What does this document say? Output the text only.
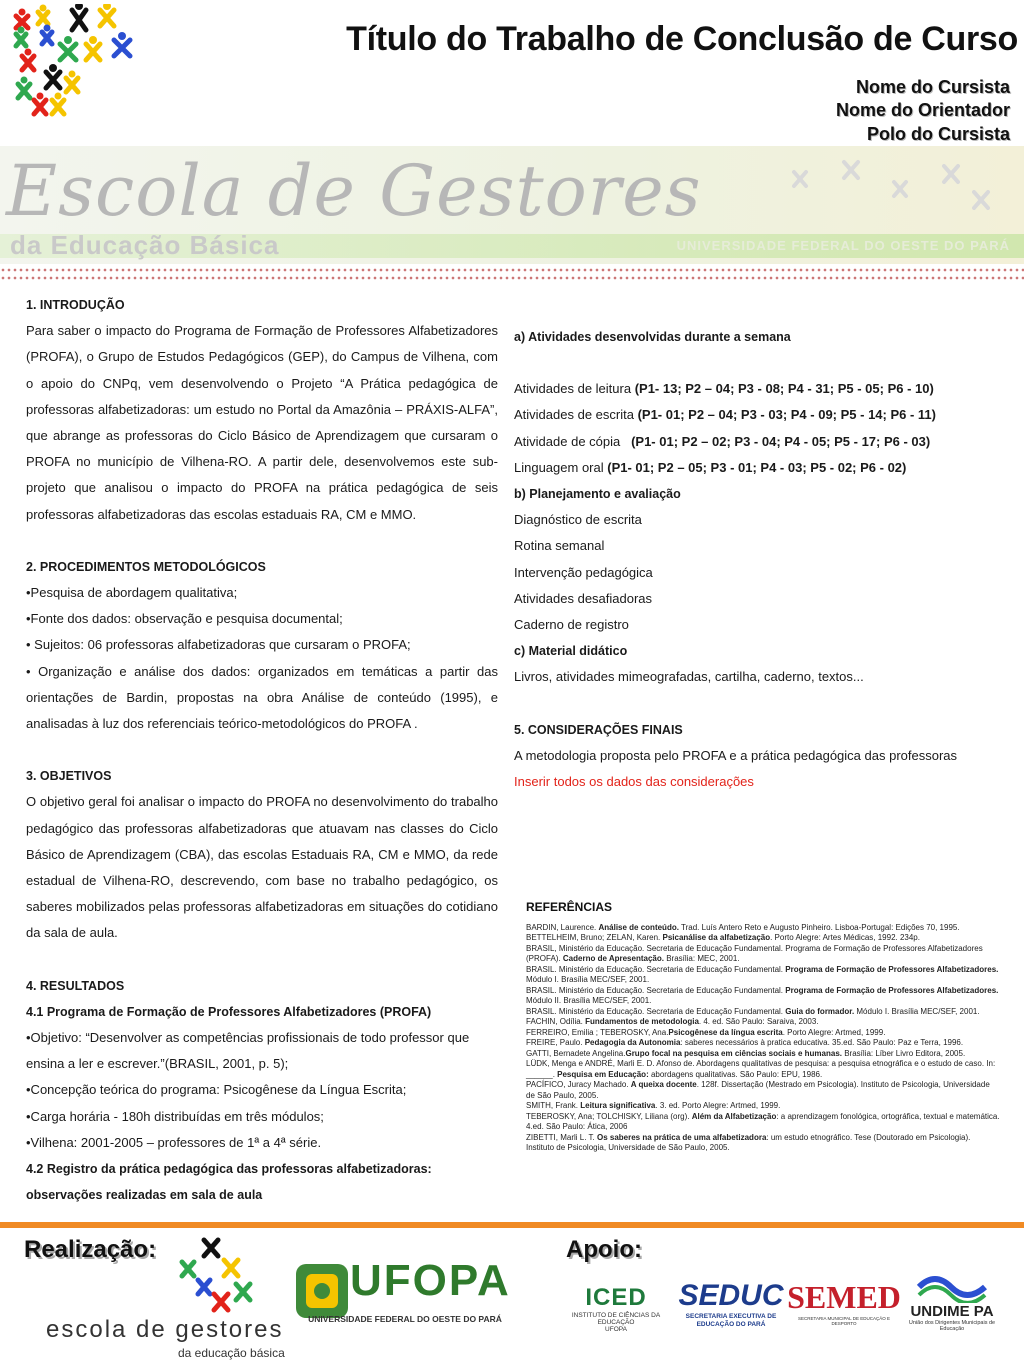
Título do Trabalho de Conclusão de Curso
Nome do Cursista
Nome do Orientador
Polo do Cursista
Escola de Gestores
da Educação Básica	UNIVERSIDADE FEDERAL DO OESTE DO PARÁ
1. INTRODUÇÃO
Para saber o impacto do Programa de Formação de Professores Alfabetizadores (PROFA), o Grupo de Estudos Pedagógicos (GEP), do Campus de Vilhena, com o apoio do CNPq, vem desenvolvendo o Projeto “A Prática pedagógica de professoras alfabetizadoras: um estudo no Portal da Amazônia – PRÁXIS-ALFA”, que abrange as professoras do Ciclo Básico de Aprendizagem que cursaram o PROFA no município de Vilhena-RO. A partir dele, desenvolvemos este sub-projeto que analisou o impacto do PROFA na prática pedagógica de seis professoras alfabetizadoras das escolas estaduais RA, CM e MMO.
2. PROCEDIMENTOS METODOLÓGICOS
•Pesquisa de abordagem qualitativa;
•Fonte dos dados: observação e pesquisa documental;
• Sujeitos: 06 professoras alfabetizadoras que cursaram o PROFA;
• Organização e análise dos dados: organizados em temáticas a partir das orientações de Bardin, propostas na obra Análise de conteúdo (1995), e analisadas à luz dos referenciais teórico-metodológicos do PROFA .
3. OBJETIVOS
O objetivo geral foi analisar o impacto do PROFA no desenvolvimento do trabalho pedagógico das professoras alfabetizadoras que atuavam nas classes do Ciclo Básico de Aprendizagem (CBA), das escolas Estaduais RA, CM e MMO, da rede estadual de Vilhena-RO, descrevendo, com base no trabalho pedagógico, os saberes mobilizados pelas professoras alfabetizadoras em situações do cotidiano da sala de aula.
4. RESULTADOS
4.1 Programa de Formação de Professores Alfabetizadores (PROFA)
•Objetivo: “Desenvolver as competências profissionais de todo professor que ensina a ler e escrever.”(BRASIL, 2001, p. 5);
•Concepção teórica do programa: Psicogênese da Língua Escrita;
•Carga horária - 180h distribuídas em três módulos;
•Vilhena: 2001-2005 – professores de 1ª a 4ª série.
4.2 Registro da prática pedagógica das professoras alfabetizadoras: observações realizadas em sala de aula
a) Atividades desenvolvidas durante a semana
Atividades de leitura (P1- 13; P2 – 04; P3 - 08; P4 - 31; P5 - 05; P6 - 10)
Atividades de escrita (P1- 01; P2 – 04; P3 - 03; P4 - 09; P5 - 14; P6 - 11)
Atividade de cópia   (P1- 01; P2 – 02; P3 - 04; P4 - 05; P5 - 17; P6 - 03)
Linguagem oral (P1- 01; P2 – 05; P3 - 01; P4 - 03; P5 - 02; P6 - 02)
b) Planejamento e avaliação
Diagnóstico de escrita
Rotina semanal
Intervenção pedagógica
Atividades desafiadoras
Caderno de registro
c) Material didático
Livros, atividades mimeografadas, cartilha, caderno, textos...
5. CONSIDERAÇÕES FINAIS
A metodologia proposta pelo PROFA e a prática pedagógica das professoras
Inserir todos os dados das considerações
REFERÊNCIAS
BARDIN, Laurence. Análise de conteúdo. Trad. Luís Antero Reto e Augusto Pinheiro. Lisboa-Portugal: Edições 70, 1995.
BETTELHEIM, Bruno; ZELAN, Karen. Psicanálise da alfabetização. Porto Alegre: Artes Médicas, 1992. 234p.
BRASIL, Ministério da Educação. Secretaria de Educação Fundamental. Programa de Formação de Professores Alfabetizadores (PROFA). Caderno de Apresentação. Brasília: MEC, 2001.
BRASIL. Ministério da Educação. Secretaria de Educação Fundamental. Programa de Formação de Professores Alfabetizadores. Módulo I. Brasília MEC/SEF, 2001.
BRASIL. Ministério da Educação. Secretaria de Educação Fundamental. Programa de Formação de Professores Alfabetizadores. Módulo II. Brasília MEC/SEF, 2001.
BRASIL. Ministério da Educação. Secretaria de Educação Fundamental. Guia do formador. Módulo I. Brasília MEC/SEF, 2001.
FACHIN, Odília. Fundamentos de metodologia. 4. ed. São Paulo: Saraiva, 2003.
FERREIRO, Emilia ; TEBEROSKY, Ana.Psicogênese da língua escrita. Porto Alegre: Artmed, 1999.
FREIRE, Paulo. Pedagogia da Autonomia: saberes necessários à pratica educativa. 35.ed. São Paulo: Paz e Terra, 1996.
GATTI, Bernadete Angelina.Grupo focal na pesquisa em ciências sociais e humanas. Brasília: Líber Livro Editora, 2005.
LÜDK, Menga e ANDRÉ, Marli E. D. Afonso de. Abordagens qualitativas de pesquisa: a pesquisa etnográfica e o estudo de caso. In: ______. Pesquisa em Educação: abordagens qualitativas. São Paulo: EPU, 1986.
PACÍFICO, Juracy Machado. A queixa docente. 128f. Dissertação (Mestrado em Psicologia). Instituto de Psicologia, Universidade de São Paulo, 2005.
SMITH, Frank. Leitura significativa. 3. ed. Porto Alegre: Artmed, 1999.
TEBEROSKY, Ana; TOLCHISKY, Liliana (org). Além da Alfabetização: a aprendizagem fonológica, ortográfica, textual e matemática. 4.ed. São Paulo: Ática, 2006
ZIBETTI, Marli L. T. Os saberes na prática de uma alfabetizadora: um estudo etnográfico. Tese (Doutorado em Psicologia). Instituto de Psicologia, Universidade de São Paulo, 2005.
Realização:	Apoio:
escola de gestores
da educação básica
UFOPA
UNIVERSIDADE FEDERAL DO OESTE DO PARÁ
ICED
INSTITUTO DE CIÊNCIAS DA
EDUCAÇÃO
UFOPA
SEDUC
SECRETARIA EXECUTIVA DE EDUCAÇÃO DO PARÁ
SEMED
SECRETARIA MUNICIPAL DE EDUCAÇÃO E DESPORTO
UNDIME PA
União dos Dirigentes Municipais de Educação
